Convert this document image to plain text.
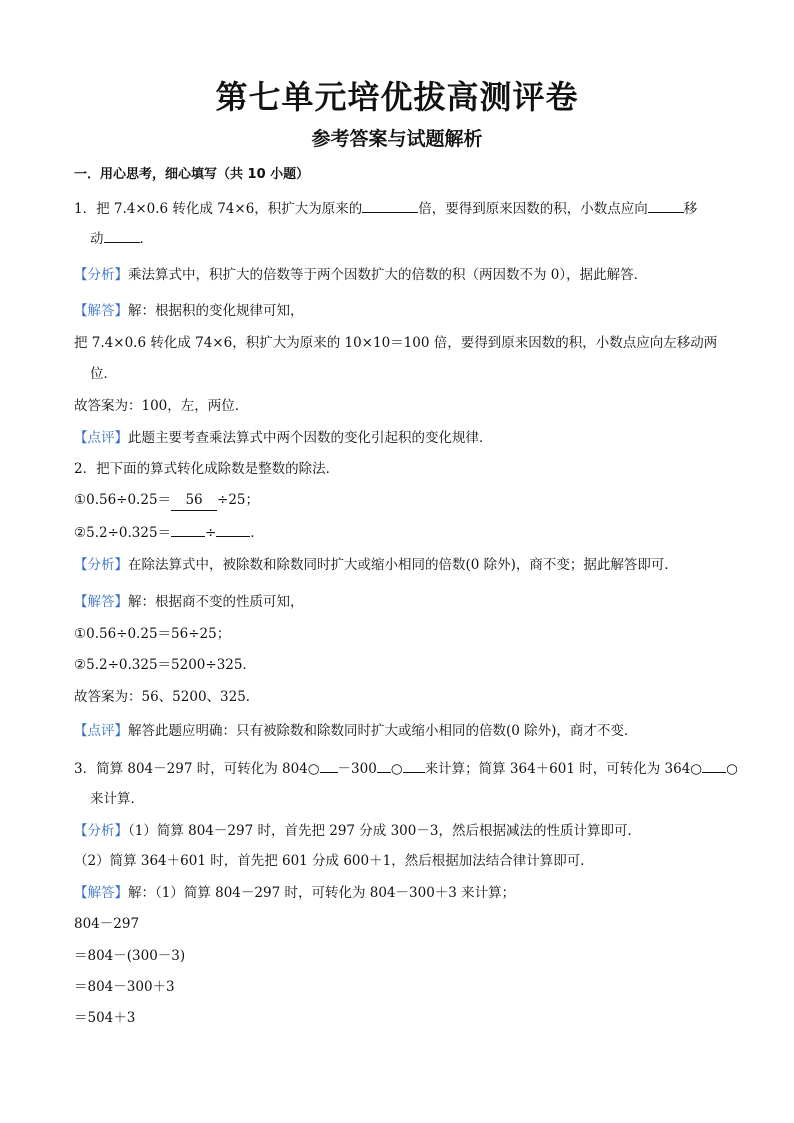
第七单元培优拔高测评卷
参考答案与试题解析
一．用心思考，细心填写（共 10 小题）
1．把 7.4×0.6 转化成 74×6，积扩大为原来的	倍，要得到原来因数的积，小数点应向	移
动	．
【分析】乘法算式中，积扩大的倍数等于两个因数扩大的倍数的积（两因数不为 0），据此解答．
【解答】解：根据积的变化规律可知，
把 7.4×0.6 转化成 74×6，积扩大为原来的 10×10＝100 倍，要得到原来因数的积，小数点应向左移动两
位．
故答案为：100，左，两位．
【点评】此题主要考查乘法算式中两个因数的变化引起积的变化规律．
2．把下面的算式转化成除数是整数的除法．
①0.56÷0.25＝ 56 ÷25；
②5.2÷0.325＝	÷	．
【分析】在除法算式中，被除数和除数同时扩大或缩小相同的倍数(0 除外)，商不变；据此解答即可．
【解答】解：根据商不变的性质可知，
①0.56÷0.25＝56÷25；
②5.2÷0.325＝5200÷325．
故答案为：56、5200、325．
【点评】解答此题应明确：只有被除数和除数同时扩大或缩小相同的倍数(0 除外)，商才不变．
3．简算 804－297 时，可转化为 804○ －300 ○ 来计算；简算 364＋601 时，可转化为 364○ ○
来计算．
【分析】（1）简算 804－297 时，首先把 297 分成 300－3，然后根据减法的性质计算即可．
（2）简算 364＋601 时，首先把 601 分成 600＋1，然后根据加法结合律计算即可．
【解答】解：（1）简算 804－297 时，可转化为 804－300＋3 来计算；
804－297
＝804－(300－3)
＝804－300＋3
＝504＋3
